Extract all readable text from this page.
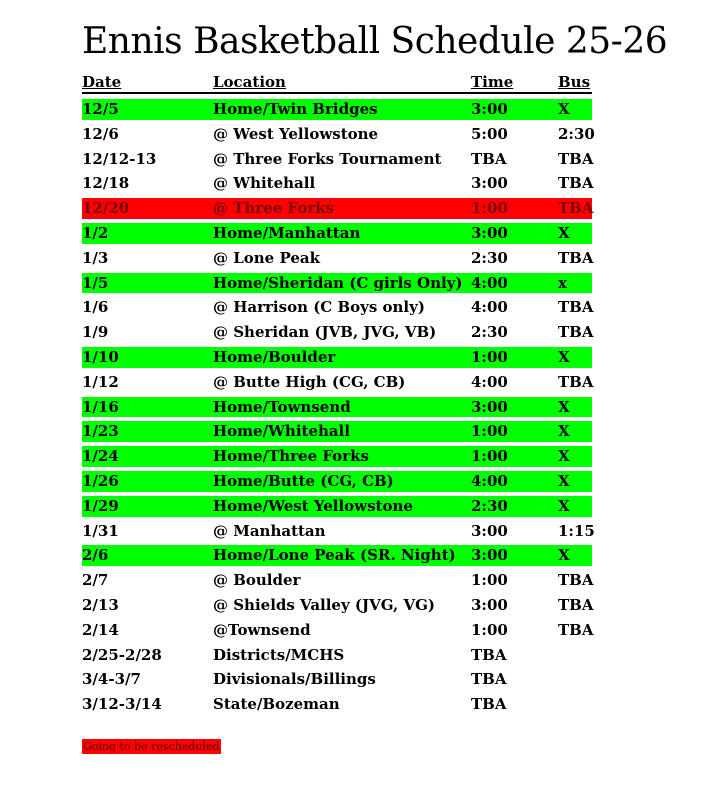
Ennis Basketball Schedule 25-26
Date	Location	Time	Bus
12/5	Home/Twin Bridges	3:00	X
12/6	@ West Yellowstone	5:00	2:30
12/12-13	@ Three Forks Tournament TBA	TBA
12/18	@ Whitehall	3:00	TBA
12/20	@ Three Forks	1:00	TBA
1/2	Home/Manhattan	3:00	X
1/3	@ Lone Peak	2:30	TBA
1/5	Home/Sheridan (C girls Only) 4:00	x
1/6	@ Harrison (C Boys only)	4:00	TBA
1/9	@ Sheridan (JVB, JVG, VB) 2:30	TBA
1/10	Home/Boulder	1:00	X
1/12	@ Butte High (CG, CB)	4:00	TBA
1/16	Home/Townsend	3:00	X
1/23	Home/Whitehall	1:00	X
1/24	Home/Three Forks	1:00	X
1/26	Home/Butte (CG, CB)	4:00	X
1/29	Home/West Yellowstone	2:30	X
1/31	@ Manhattan	3:00	1:15
2/6	Home/Lone Peak (SR. Night) 3:00	X
2/7	@ Boulder	1:00	TBA
2/13	@ Shields Valley (JVG, VG) 3:00	TBA
2/14	@Townsend	1:00	TBA
2/25-2/28	Districts/MCHS	TBA
3/4-3/7	Divisionals/Billings	TBA
3/12-3/14	State/Bozeman	TBA
Going to be rescheduled
